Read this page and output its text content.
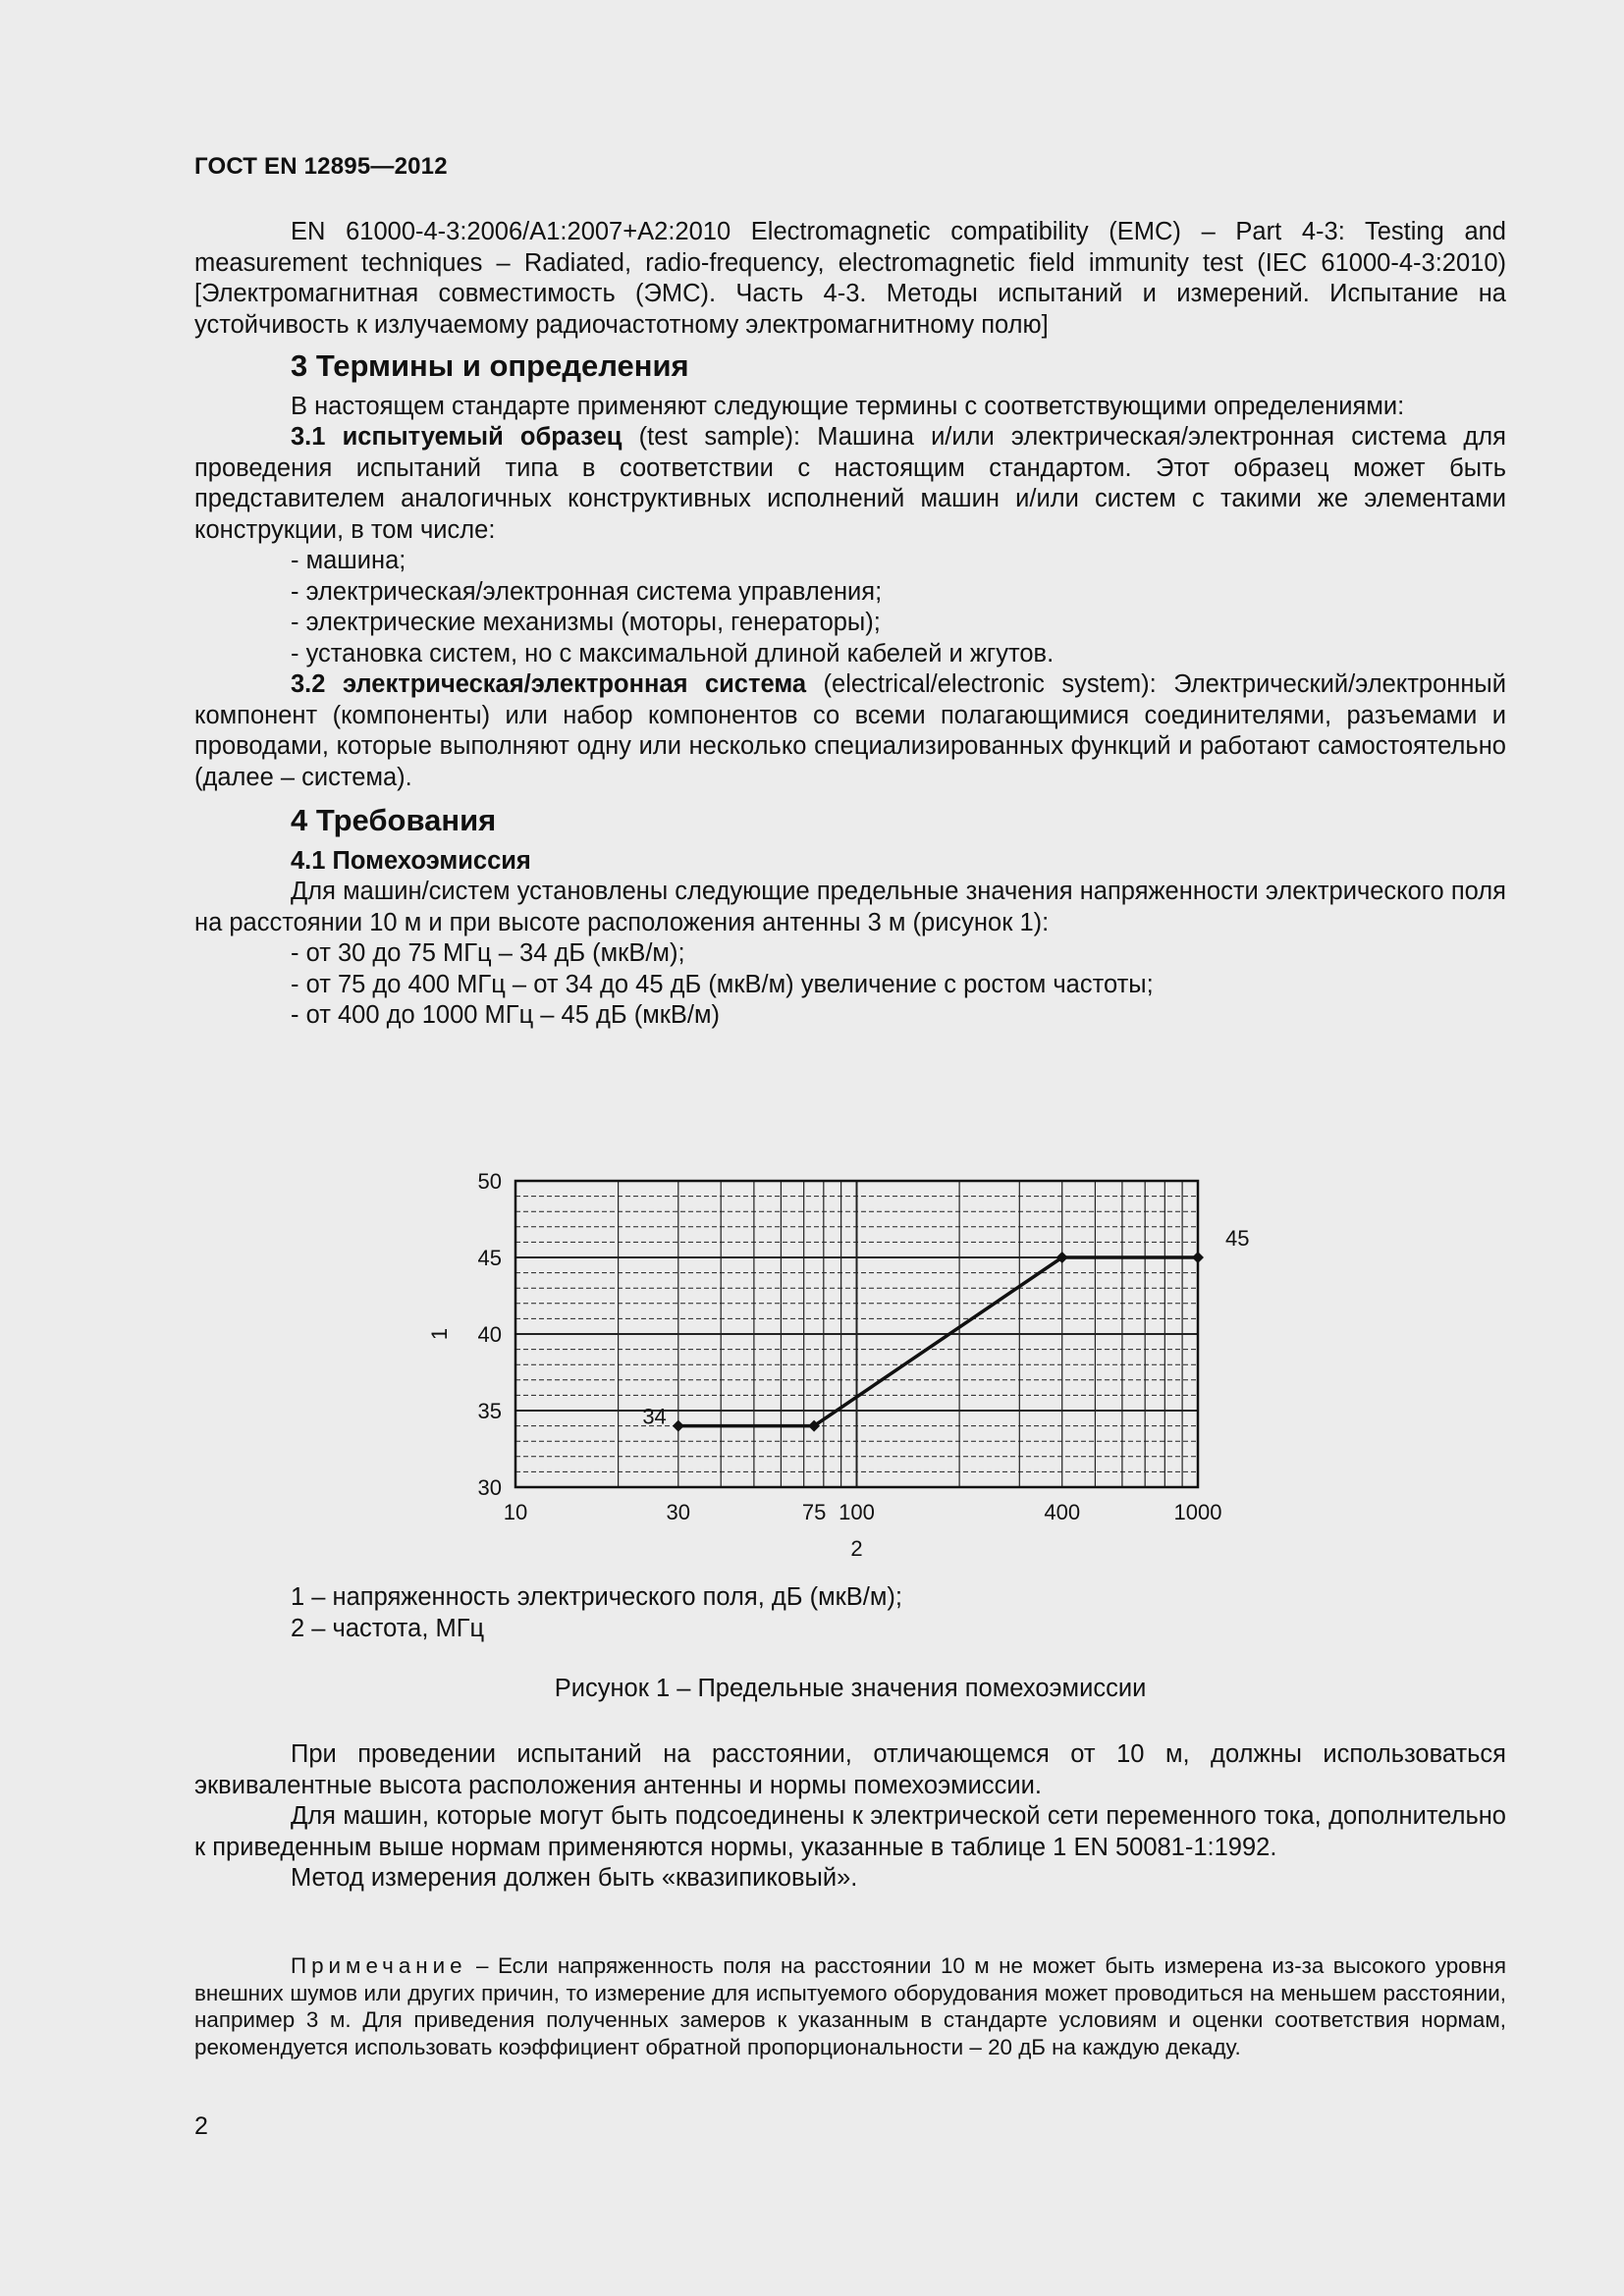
ГОСТ EN 12895—2012

EN 61000-4-3:2006/A1:2007+A2:2010 Electromagnetic compatibility (EMC) – Part 4-3: Testing and measurement techniques – Radiated, radio-frequency, electromagnetic field immunity test (IEC 61000-4-3:2010) [Электромагнитная совместимость (ЭМС). Часть 4-3. Методы испытаний и измерений. Испытание на устойчивость к излучаемому радиочастотному электромагнитному полю]

3 Термины и определения

В настоящем стандарте применяют следующие термины с соответствующими определениями:

3.1 испытуемый образец (test sample): Машина и/или электрическая/электронная система для проведения испытаний типа в соответствии с настоящим стандартом. Этот образец может быть представителем аналогичных конструктивных исполнений машин и/или систем с такими же элементами конструкции, в том числе:

- машина;
- электрическая/электронная система управления;
- электрические механизмы (моторы, генераторы);
- установка систем, но с максимальной длиной кабелей и жгутов.

3.2 электрическая/электронная система (electrical/electronic system): Электрический/электронный компонент (компоненты) или набор компонентов со всеми полагающимися соединителями, разъемами и проводами, которые выполняют одну или несколько специализированных функций и работают самостоятельно (далее – система).

4 Требования
4.1 Помехоэмиссия

Для машин/систем установлены следующие предельные значения напряженности электрического поля на расстоянии 10 м и при высоте расположения антенны 3 м (рисунок 1):

- от 30 до 75 МГц – 34 дБ (мкВ/м);
- от 75 до 400 МГц – от 34 до 45 дБ (мкВ/м) увеличение с ростом частоты;
- от 400 до 1000 МГц – 45 дБ (мкВ/м)
30
35
40
45
50
10	30	75 100	400	1000
2
1
34
45
1 – напряженность электрического поля, дБ (мкВ/м);
2 – частота, МГц
Рисунок 1 – Предельные значения помехоэмиссии

При проведении испытаний на расстоянии, отличающемся от 10 м, должны использоваться эквивалентные высота расположения антенны и нормы помехоэмиссии.

Для машин, которые могут быть подсоединены к электрической сети переменного тока, дополнительно к приведенным выше нормам применяются нормы, указанные в таблице 1 EN 50081-1:1992.

Метод измерения должен быть «квазипиковый».

Примечание – Если напряженность поля на расстоянии 10 м не может быть измерена из-за высокого уровня внешних шумов или других причин, то измерение для испытуемого оборудования может проводиться на меньшем расстоянии, например 3 м. Для приведения полученных замеров к указанным в стандарте условиям и оценки соответствия нормам, рекомендуется использовать коэффициент обратной пропорциональности – 20 дБ на каждую декаду.

2
